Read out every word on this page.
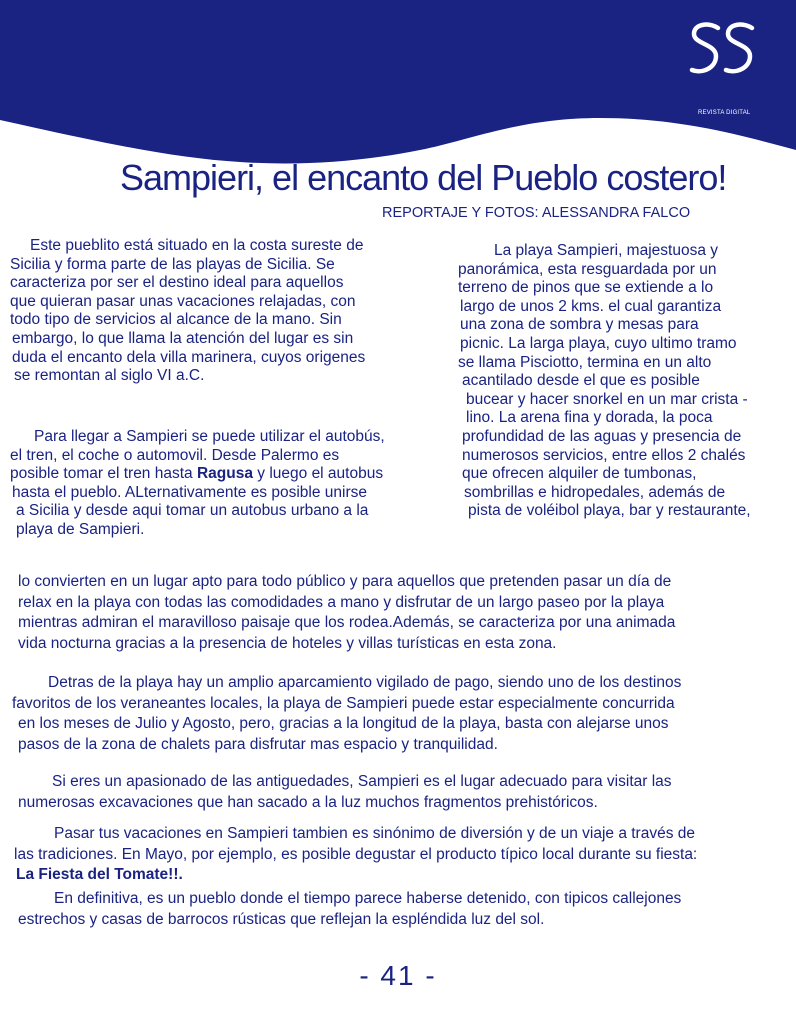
REVISTA DIGITAL
Sampieri, el encanto del Pueblo costero!
REPORTAJE Y FOTOS: ALESSANDRA FALCO
Este pueblito está situado en la costa sureste de
Sicilia y forma parte de las playas de Sicilia. Se
caracteriza por ser el destino ideal para aquellos
que quieran pasar unas vacaciones relajadas, con
todo tipo de servicios al alcance de la mano. Sin
embargo, lo que llama la atención del lugar es sin
duda el encanto dela villa marinera, cuyos origenes
se remontan al siglo VI a.C.
Para llegar a Sampieri se puede utilizar el autobús,
el tren, el coche o automovil. Desde Palermo es
posible tomar el tren hasta Ragusa y luego el autobus
hasta el pueblo. ALternativamente es posible unirse
a Sicilia y desde aqui tomar un autobus urbano a la
playa de Sampieri.
La playa Sampieri, majestuosa y
panorámica, esta resguardada por un
terreno de pinos que se extiende a lo
largo de unos 2 kms. el cual garantiza
una zona de sombra y mesas para
picnic. La larga playa, cuyo ultimo tramo
se llama Pisciotto, termina en un alto
acantilado desde el que es posible
bucear y hacer snorkel en un mar crista -
lino. La arena fina y dorada, la poca
profundidad de las aguas y presencia de
numerosos servicios, entre ellos 2 chalés
que ofrecen alquiler de tumbonas,
sombrillas e hidropedales, además de
pista de voléibol playa, bar y restaurante,
lo convierten en un lugar apto para todo público y para aquellos que pretenden pasar un día de
relax en la playa con todas las comodidades a mano y disfrutar de un largo paseo por la playa
mientras admiran el maravilloso paisaje que los rodea.Además, se caracteriza por una animada
vida nocturna gracias a la presencia de hoteles y villas turísticas en esta zona.
Detras de la playa hay un amplio aparcamiento vigilado de pago, siendo uno de los destinos
favoritos de los veraneantes locales, la playa de Sampieri puede estar especialmente concurrida
en los meses de Julio y Agosto, pero, gracias a la longitud de la playa, basta con alejarse unos
pasos de la zona de chalets para disfrutar mas espacio y tranquilidad.
Si eres un apasionado de las antiguedades, Sampieri es el lugar adecuado para visitar las
numerosas excavaciones que han sacado a la luz muchos fragmentos prehistóricos.
Pasar tus vacaciones en Sampieri tambien es sinónimo de diversión y de un viaje a través de
las tradiciones. En Mayo, por ejemplo, es posible degustar el producto típico local durante su fiesta:
La Fiesta del Tomate!!.
En definitiva, es un pueblo donde el tiempo parece haberse detenido, con tipicos callejones
estrechos y casas de barrocos rústicas que reflejan la espléndida luz del sol.
- 41 -
